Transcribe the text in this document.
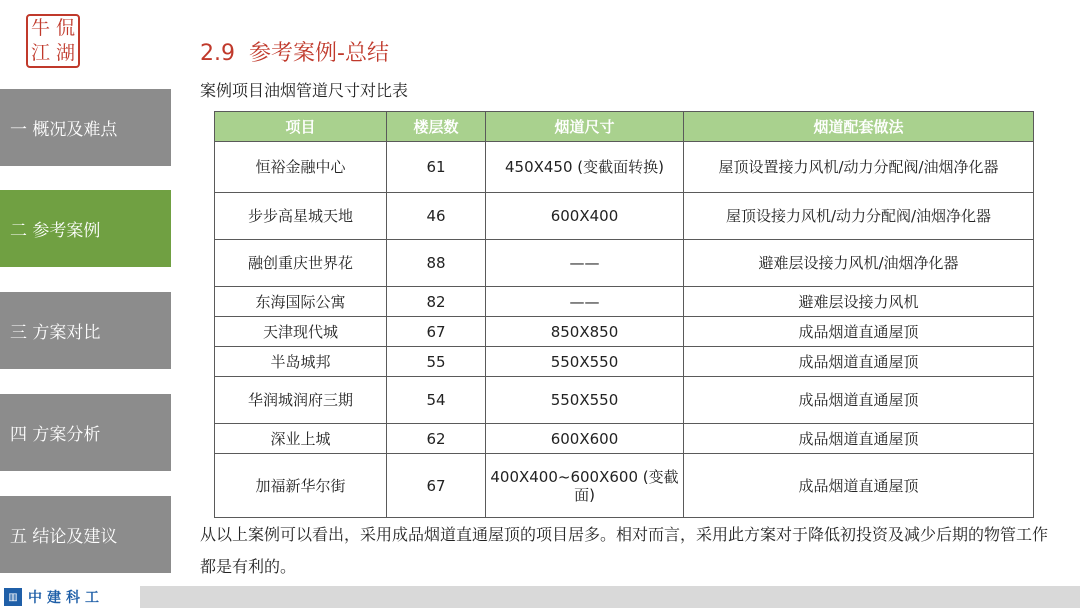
牛 侃
江 湖
一 概况及难点
二 参考案例
三 方案对比
四 方案分析
五 结论及建议
2.9 参考案例-总结
案例项目油烟管道尺寸对比表
项目	楼层数	烟道尺寸	烟道配套做法
恒裕金融中心	61	450X450 (变截面转换)	屋顶设置接力风机/动力分配阀/油烟净化器
步步高星城天地	46	600X400	屋顶设接力风机/动力分配阀/油烟净化器
融创重庆世界花	88	——	避难层设接力风机/油烟净化器
东海国际公寓	82	——	避难层设接力风机
天津现代城	67	850X850	成品烟道直通屋顶
半岛城邦	55	550X550	成品烟道直通屋顶
华润城润府三期	54	550X550	成品烟道直通屋顶
深业上城	62	600X600	成品烟道直通屋顶
加福新华尔街	67	400X400~600X600 (变截面)	成品烟道直通屋顶
从以上案例可以看出，采用成品烟道直通屋顶的项目居多。相对而言，采用此方案对于降低初投资及减少后期的物管工作都是有利的。
▥ 中建科工
